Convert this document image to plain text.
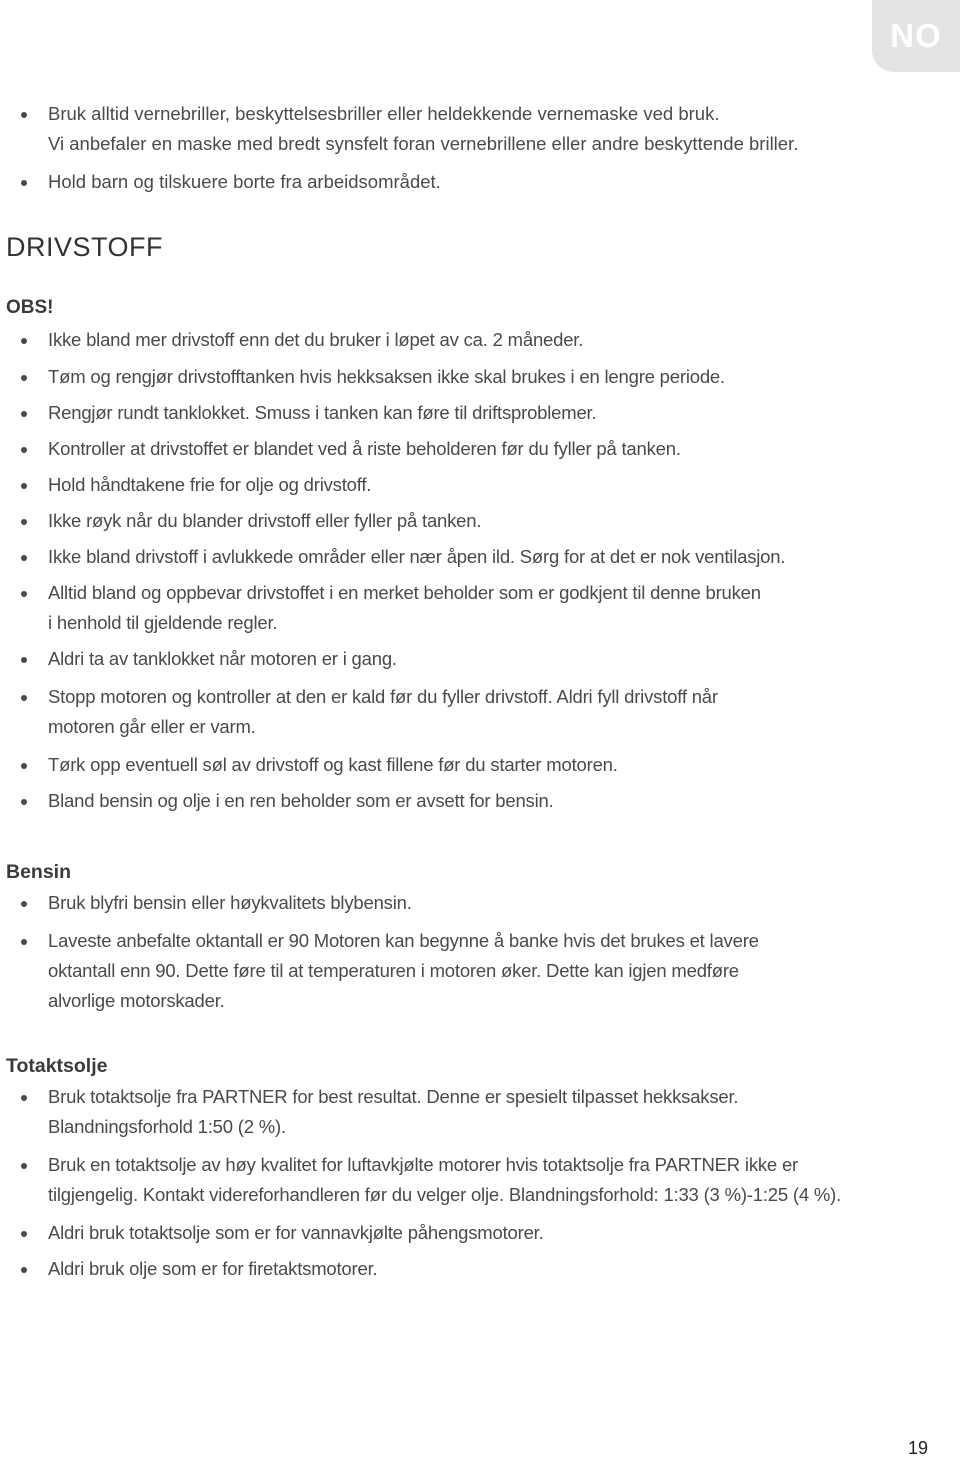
NO
Bruk alltid vernebriller, beskyttelsesbriller eller heldekkende vernemaske ved bruk.
Vi anbefaler en maske med bredt synsfelt foran vernebrillene eller andre beskyttende briller.
Hold barn og tilskuere borte fra arbeidsområdet.
DRIVSTOFF
OBS!
Ikke bland mer drivstoff enn det du bruker i løpet av ca. 2 måneder.
Tøm og rengjør drivstofftanken hvis hekksaksen ikke skal brukes i en lengre periode.
Rengjør rundt tanklokket. Smuss i tanken kan føre til driftsproblemer.
Kontroller at drivstoffet er blandet ved å riste beholderen før du fyller på tanken.
Hold håndtakene frie for olje og drivstoff.
Ikke røyk når du blander drivstoff eller fyller på tanken.
Ikke bland drivstoff i avlukkede områder eller nær åpen ild. Sørg for at det er nok ventilasjon.
Alltid bland og oppbevar drivstoffet i en merket beholder som er godkjent til denne bruken
i henhold til gjeldende regler.
Aldri ta av tanklokket når motoren er i gang.
Stopp motoren og kontroller at den er kald før du fyller drivstoff. Aldri fyll drivstoff når
motoren går eller er varm.
Tørk opp eventuell søl av drivstoff og kast fillene før du starter motoren.
Bland bensin og olje i en ren beholder som er avsett for bensin.
Bensin
Bruk blyfri bensin eller høykvalitets blybensin.
Laveste anbefalte oktantall er 90 Motoren kan begynne å banke hvis det brukes et lavere
oktantall enn 90. Dette føre til at temperaturen i motoren øker. Dette kan igjen medføre
alvorlige motorskader.
Totaktsolje
Bruk totaktsolje fra PARTNER for best resultat. Denne er spesielt tilpasset hekksakser.
Blandningsforhold 1:50 (2 %).
Bruk en totaktsolje av høy kvalitet for luftavkjølte motorer hvis totaktsolje fra PARTNER ikke er
tilgjengelig. Kontakt videreforhandleren før du velger olje. Blandningsforhold: 1:33 (3 %)-1:25 (4 %).
Aldri bruk totaktsolje som er for vannavkjølte påhengsmotorer.
Aldri bruk olje som er for firetaktsmotorer.
19
